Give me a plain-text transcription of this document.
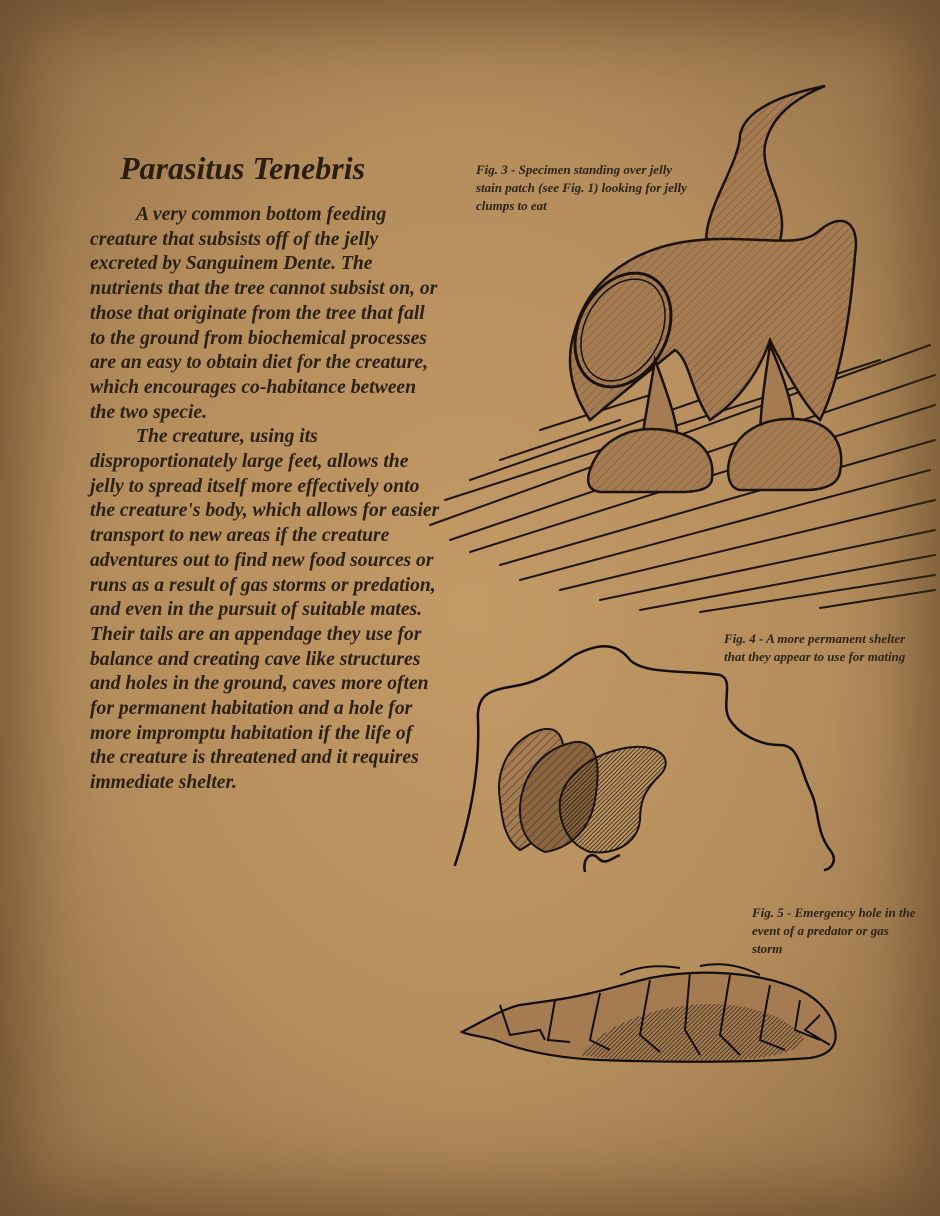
Parasitus Tenebris

A very common bottom feeding creature that subsists off of the jelly excreted by Sanguinem Dente. The nutrients that the tree cannot subsist on, or those that originate from the tree that fall to the ground from biochemical processes are an easy to obtain diet for the creature, which encourages co-habitance between the two specie.

The creature, using its disproportionately large feet, allows the jelly to spread itself more effectively onto the creature's body, which allows for easier transport to new areas if the creature adventures out to find new food sources or runs as a result of gas storms or predation, and even in the pursuit of suitable mates. Their tails are an appendage they use for balance and creating cave like structures and holes in the ground, caves more often for permanent habitation and a hole for more impromptu habitation if the life of the creature is threatened and it requires immediate shelter.

Fig. 3 - Specimen standing over jelly stain patch (see Fig. 1) looking for jelly clumps to eat
Fig. 4 - A more permanent shelter that they appear to use for mating
Fig. 5 - Emergency hole in the event of a predator or gas storm
